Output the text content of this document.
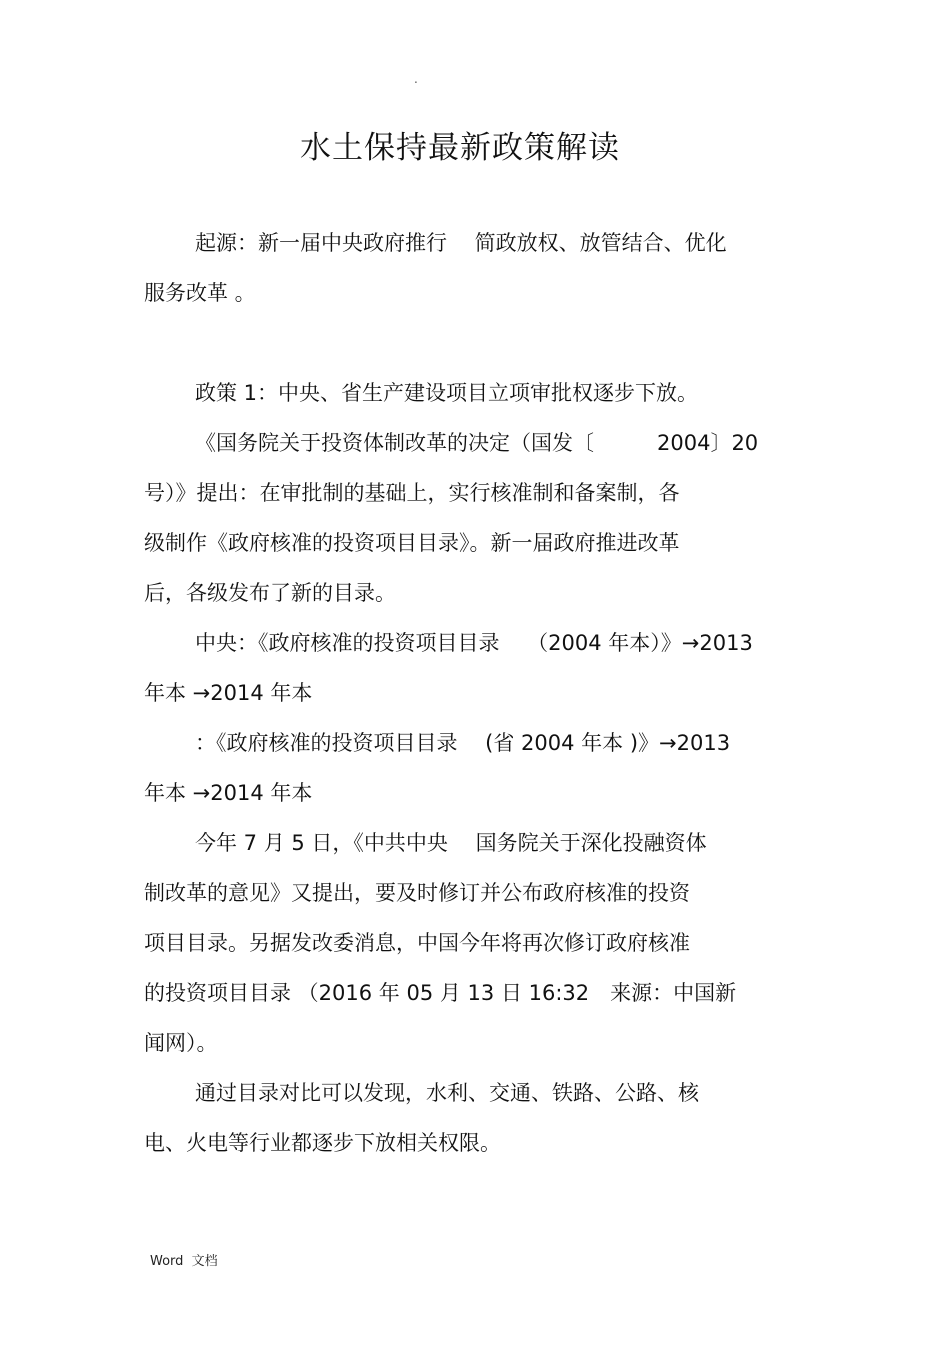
.
水土保持最新政策解读
起源：新一届中央政府推行　 简政放权、放管结合、优化
服务改革 。
政策 1：中央、省生产建设项目立项审批权逐步下放。
《国务院关于投资体制改革的决定（国发〔　　　2004〕20
号）》提出：在审批制的基础上，实行核准制和备案制，各
级制作《政府核准的投资项目目录》。新一届政府推进改革
后，各级发布了新的目录。
中央：《政府核准的投资项目目录　 （2004 年本）》→2013
年本 →2014 年本
：《政府核准的投资项目目录　 (省 2004 年本 )》→2013
年本 →2014 年本
今年 7 月 5 日，《中共中央　 国务院关于深化投融资体
制改革的意见》又提出，要及时修订并公布政府核准的投资
项目目录。另据发改委消息，中国今年将再次修订政府核准
的投资项目目录 （2016 年 05 月 13 日 16:32　来源：中国新
闻网）。
通过目录对比可以发现，水利、交通、铁路、公路、核
电、火电等行业都逐步下放相关权限。
Word  文档
